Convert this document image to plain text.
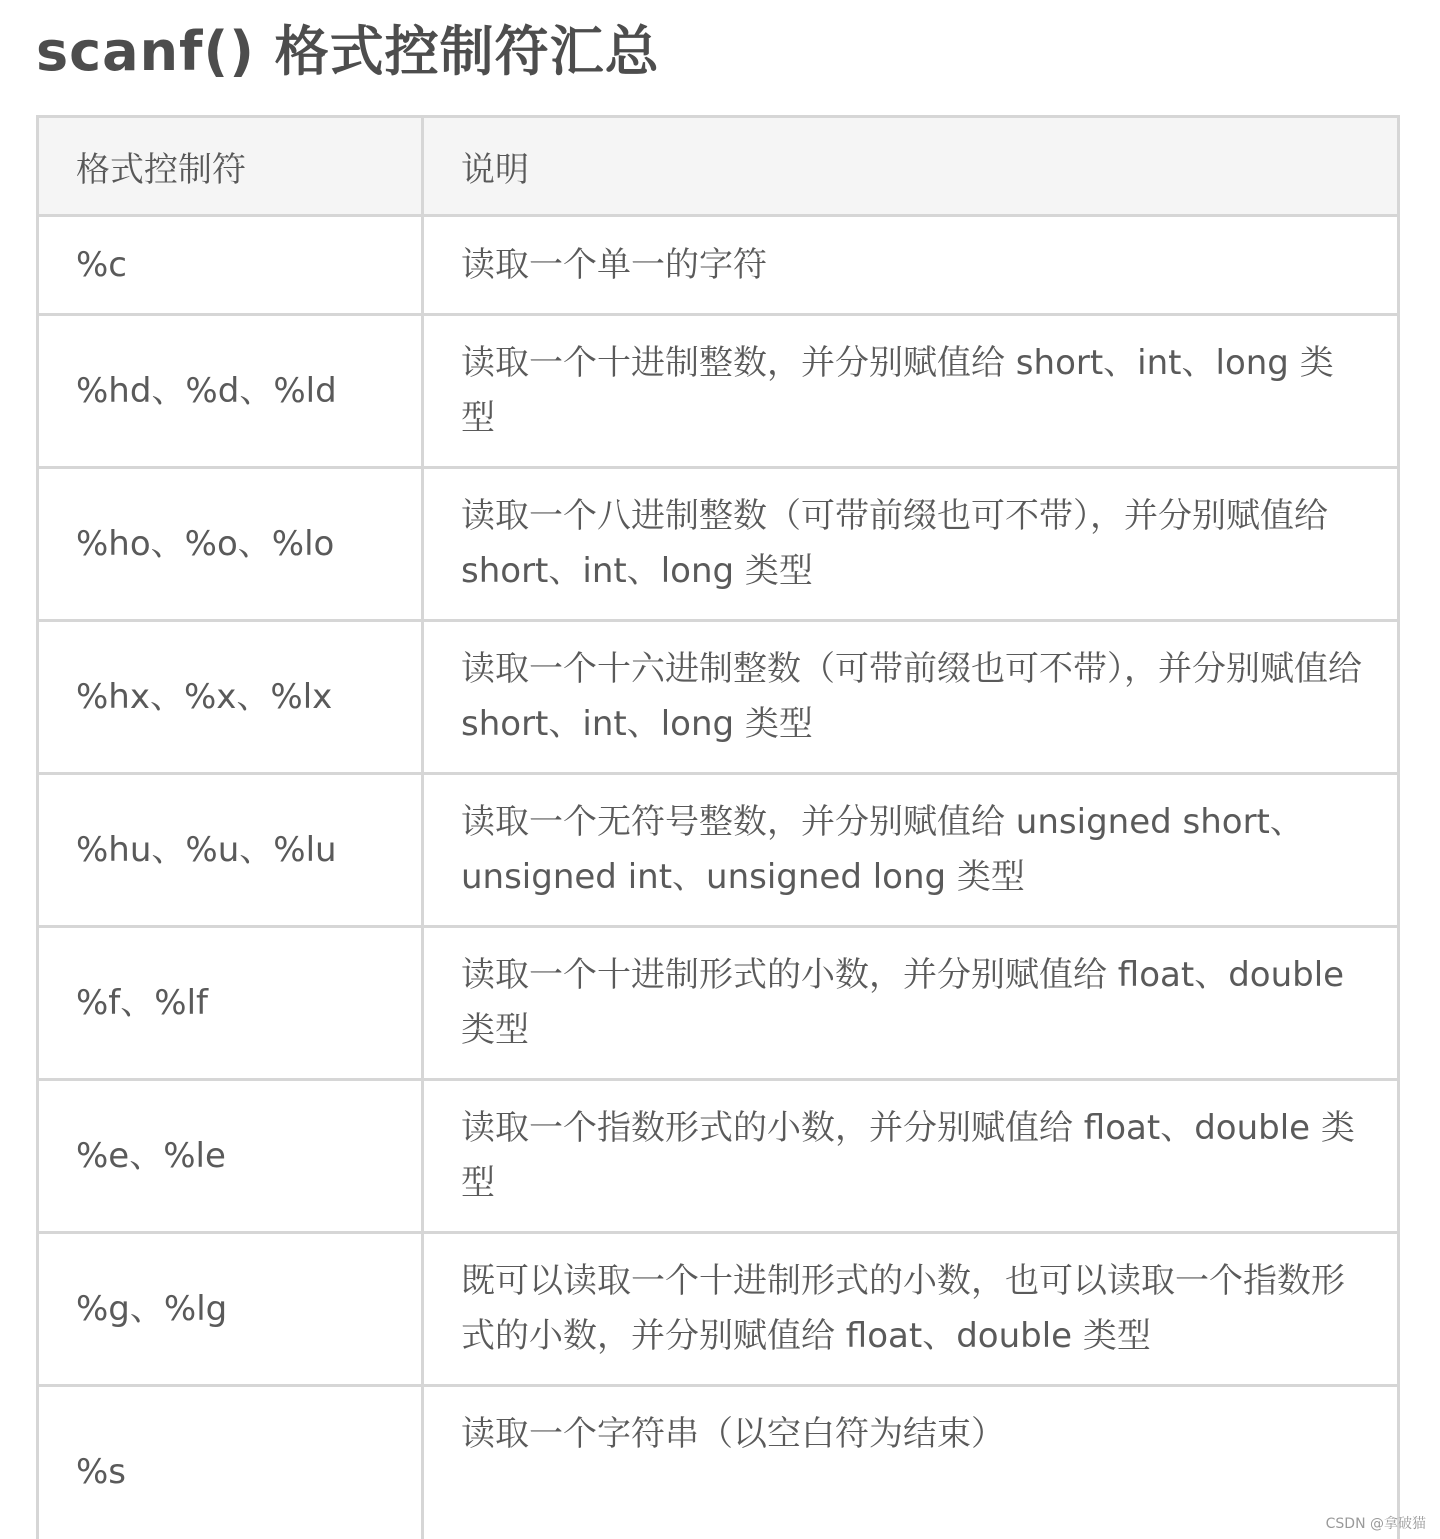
scanf() 格式控制符汇总
格式控制符	说明
%c	读取一个单一的字符
%hd、%d、%ld	读取一个十进制整数，并分别赋值给 short、int、long 类型
%ho、%o、%lo	读取一个八进制整数（可带前缀也可不带），并分别赋值给 short、int、long 类型
%hx、%x、%lx	读取一个十六进制整数（可带前缀也可不带），并分别赋值给 short、int、long 类型
%hu、%u、%lu	读取一个无符号整数，并分别赋值给 unsigned short、unsigned int、unsigned long 类型
%f、%lf	读取一个十进制形式的小数，并分别赋值给 float、double 类型
%e、%le	读取一个指数形式的小数，并分别赋值给 float、double 类型
%g、%lg	既可以读取一个十进制形式的小数，也可以读取一个指数形式的小数，并分别赋值给 float、double 类型
%s	读取一个字符串（以空白符为结束）
CSDN @拿破猫
